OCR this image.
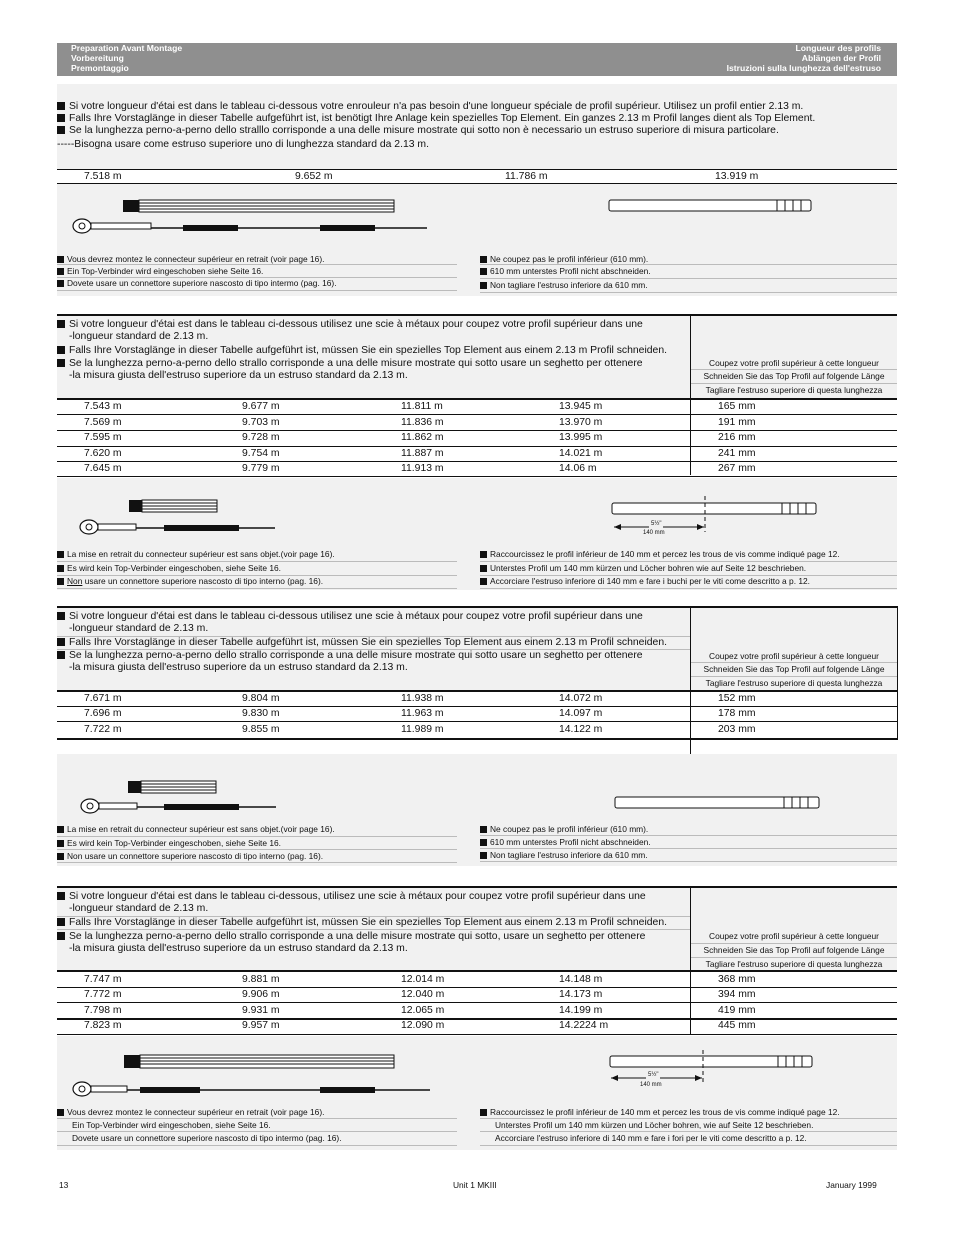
Preparation Avant Montage
Vorbereitung
Premontaggio
Longueur des profils
Ablängen der Profil
Istruzioni sulla lunghezza dell'estruso
Si votre longueur d'étai est dans le tableau ci-dessous votre enrouleur n'a pas besoin d'une longueur spéciale de profil supérieur. Utilisez un profil entier 2.13 m.
Falls Ihre Vorstaglänge in dieser Tabelle aufgeführt ist, ist benötigt Ihre Anlage kein spezielles Top Element. Ein ganzes 2.13 m Profil langes dient als Top Element.
Se la lunghezza perno-a-perno dello stralllo corrisponde a una delle misure mostrate qui sotto non è necessario un estruso superiore di misura particolare.
-----Bisogna usare come estruso superiore uno di lunghezza standard da 2.13 m.
7.518 m	9.652 m	11.786 m	13.919 m
Vous devrez montez le connecteur supérieur en retrait (voir page 16).
Ein Top-Verbinder wird eingeschoben siehe Seite 16.
Dovete usare un connettore superiore nascosto di tipo intermo (pag. 16).
Ne coupez pas le profil inférieur (610 mm).
610 mm unterstes Profil nicht abschneiden.
Non tagliare l'estruso inferiore da 610 mm.
Si votre longueur d'étai est dans le tableau ci-dessous utilisez une scie à métaux pour coupez votre profil supérieur dans une
-longueur standard de 2.13 m.
Falls Ihre Vorstaglänge in dieser Tabelle aufgeführt ist, müssen Sie ein spezielles Top Element aus einem 2.13 m Profil schneiden.
Se la lunghezza perno-a-perno dello strallo corrisponde a una delle misure mostrate qui sotto usare un seghetto per ottenere
-la misura giusta dell'estruso superiore da un estruso standard da 2.13 m.
Coupez votre profil supérieur à cette longueur
Schneiden Sie das Top Profil auf folgende Länge
Tagliare l'estruso superiore di questa lunghezza
7.543 m	9.677 m	11.811 m	13.945 m	165 mm
7.569 m	9.703 m	11.836 m	13.970 m	191 mm
7.595 m	9.728 m	11.862 m	13.995 m	216 mm
7.620 m	9.754 m	11.887 m	14.021 m	241 mm
7.645 m	9.779 m	11.913 m	14.06 m	267 mm
5½"
140 mm
La mise en retrait du connecteur supérieur est sans objet.(voir page 16).
Es wird kein Top-Verbinder eingeschoben, siehe Seite 16.
Non usare un connettore superiore nascosto di tipo interno (pag. 16).
Raccourcissez le profil inférieur de 140 mm et percez les trous de vis comme indiqué page 12.
Unterstes Profil um 140 mm kürzen und Löcher bohren wie auf Seite 12 beschrieben.
Accorciare l'estruso inferiore di 140 mm e fare i buchi per le viti come descritto a p. 12.
Si votre longueur d'étai est dans le tableau ci-dessous utilisez une scie à métaux pour coupez votre profil supérieur dans une
-longueur standard de 2.13 m.
Falls Ihre Vorstaglänge in dieser Tabelle aufgeführt ist, müssen Sie ein spezielles Top Element aus einem 2.13 m Profil schneiden.
Se la lunghezza perno-a-perno dello strallo corrisponde a una delle misure mostrate qui sotto usare un seghetto per ottenere
-la misura giusta dell'estruso superiore da un estruso standard da 2.13 m.
Coupez votre profil supérieur à cette longueur
Schneiden Sie das Top Profil auf folgende Länge
Tagliare l'estruso superiore di questa lunghezza
7.671 m	9.804 m	11.938 m	14.072 m	152 mm
7.696 m	9.830 m	11.963 m	14.097 m	178 mm
7.722 m	9.855 m	11.989 m	14.122 m	203 mm
La mise en retrait du connecteur supérieur est sans objet.(voir page 16).
Es wird kein Top-Verbinder eingeschoben, siehe Seite 16.
Non usare un connettore superiore nascosto di tipo interno (pag. 16).
Ne coupez pas le profil inférieur (610 mm).
610 mm unterstes Profil nicht abschneiden.
Non tagliare l'estruso inferiore da 610 mm.
Si votre longueur d'étai est dans le tableau ci-dessous, utilisez une scie à métaux pour coupez votre profil supérieur dans une
-longueur standard de 2.13 m.
Falls Ihre Vorstaglänge in dieser Tabelle aufgeführt ist, müssen Sie ein spezielles Top Element aus einem 2.13 m Profil schneiden.
Se la lunghezza perno-a-perno dello strallo corrisponde a una delle misure mostrate qui sotto, usare un seghetto per ottenere
-la misura giusta dell'estruso superiore da un estruso standard da 2.13 m.
Coupez votre profil supérieur à cette longueur
Schneiden Sie das Top Profil auf folgende Länge
Tagliare l'estruso superiore di questa lunghezza
7.747 m	9.881 m	12.014 m	14.148 m	368 mm
7.772 m	9.906 m	12.040 m	14.173 m	394 mm
7.798 m	9.931 m	12.065 m	14.199 m	419 mm
7.823 m	9.957 m	12.090 m	14.2224 m	445 mm
5½"
140 mm
Vous devrez montez le connecteur supérieur en retrait (voir page 16).
Ein Top-Verbinder wird eingeschoben, siehe Seite 16.
Dovete usare un connettore superiore nascosto di tipo intermo (pag. 16).
Raccourcissez le profil inférieur de 140 mm et percez les trous de vis comme indiqué page 12.
Unterstes Profil um 140 mm kürzen und Löcher bohren, wie auf Seite 12 beschrieben.
Accorciare l'estruso inferiore di 140 mm e fare i fori per le viti come descritto a p. 12.
13	Unit 1 MKIII	January 1999
